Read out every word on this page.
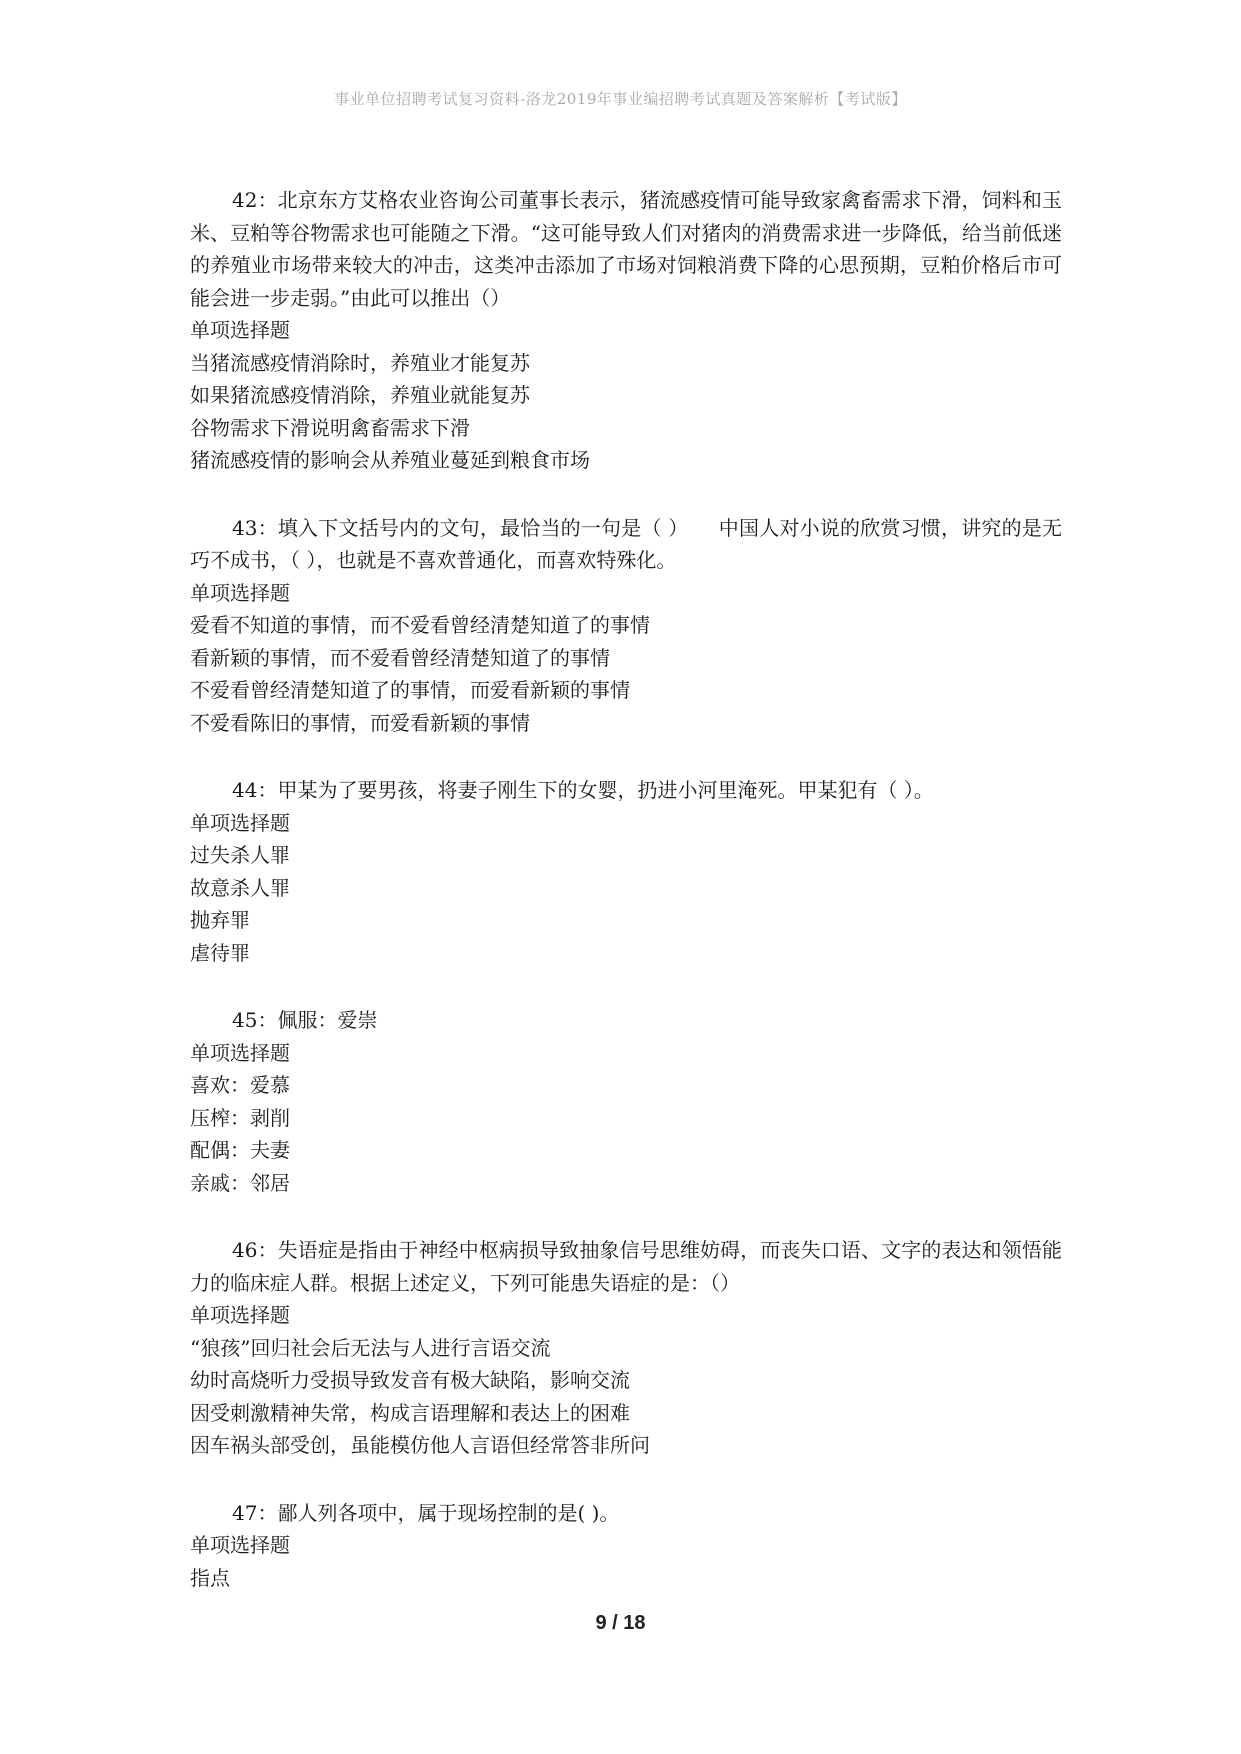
事业单位招聘考试复习资料-洛龙2019年事业编招聘考试真题及答案解析【考试版】

42：北京东方艾格农业咨询公司董事长表示，猪流感疫情可能导致家禽畜需求下滑，饲料和玉米、豆粕等谷物需求也可能随之下滑。“这可能导致人们对猪肉的消费需求进一步降低，给当前低迷的养殖业市场带来较大的冲击，这类冲击添加了市场对饲粮消费下降的心思预期，豆粕价格后市可能会进一步走弱。”由此可以推出（）

单项选择题

当猪流感疫情消除时，养殖业才能复苏

如果猪流感疫情消除，养殖业就能复苏

谷物需求下滑说明禽畜需求下滑

猪流感疫情的影响会从养殖业蔓延到粮食市场

43：填入下文括号内的文句，最恰当的一句是（ ）　　中国人对小说的欣赏习惯，讲究的是无巧不成书，（ ），也就是不喜欢普通化，而喜欢特殊化。

单项选择题

爱看不知道的事情，而不爱看曾经清楚知道了的事情

看新颖的事情，而不爱看曾经清楚知道了的事情

不爱看曾经清楚知道了的事情，而爱看新颖的事情

不爱看陈旧的事情，而爱看新颖的事情

44：甲某为了要男孩，将妻子刚生下的女婴，扔进小河里淹死。甲某犯有（ ）。

单项选择题

过失杀人罪

故意杀人罪

抛弃罪

虐待罪

45：佩服：爱崇

单项选择题

喜欢：爱慕

压榨：剥削

配偶：夫妻

亲戚：邻居

46：失语症是指由于神经中枢病损导致抽象信号思维妨碍，而丧失口语、文字的表达和领悟能力的临床症人群。根据上述定义，下列可能患失语症的是：（）

单项选择题

“狼孩”回归社会后无法与人进行言语交流

幼时高烧听力受损导致发音有极大缺陷，影响交流

因受刺激精神失常，构成言语理解和表达上的困难

因车祸头部受创，虽能模仿他人言语但经常答非所问

47：鄙人列各项中，属于现场控制的是( )。

单项选择题

指点

9 / 18
